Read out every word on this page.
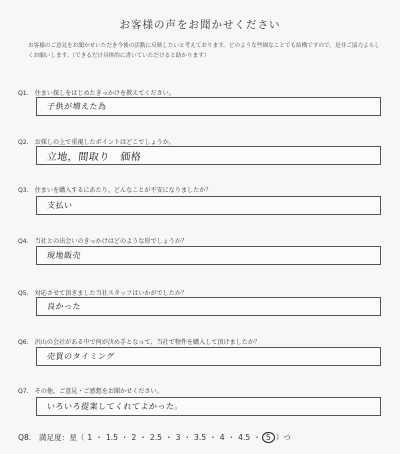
お客様の声をお聞かせください
お客様のご意見をお聞かせいただき今後の活動に反映したいと考えております。どのような些細なことでも結構ですので、是非ご協力よろしくお願いします。（できるだけ具体的に書いていただけると助かります）
Q1.　住まい探しをはじめたきっかけを教えてください。
子供が増えた為
Q2.　お探しの上で重視したポイントはどこでしょうか。
立地，間取り　価格
Q3.　住まいを購入するにあたり、どんなことが不安になりましたか？
支払い
Q4.　当社との出会いのきっかけはどのような形でしょうか？
現地販売
Q5.　対応させて頂きました当社スタッフはいかがでしたか？
良かった
Q6.　沢山の会社がある中で何が決め手となって、当社で物件を購入して頂けましたか？
売買のタイミング
Q7.　その他、ご意見・ご感想をお聞かせください。
いろいろ提案してくれてよかった。
Q8.　満足度：星（ 1 ・ 1.5 ・ 2 ・ 2.5 ・ 3 ・ 3.5 ・ 4 ・ 4.5 ・ 5 ）つ
